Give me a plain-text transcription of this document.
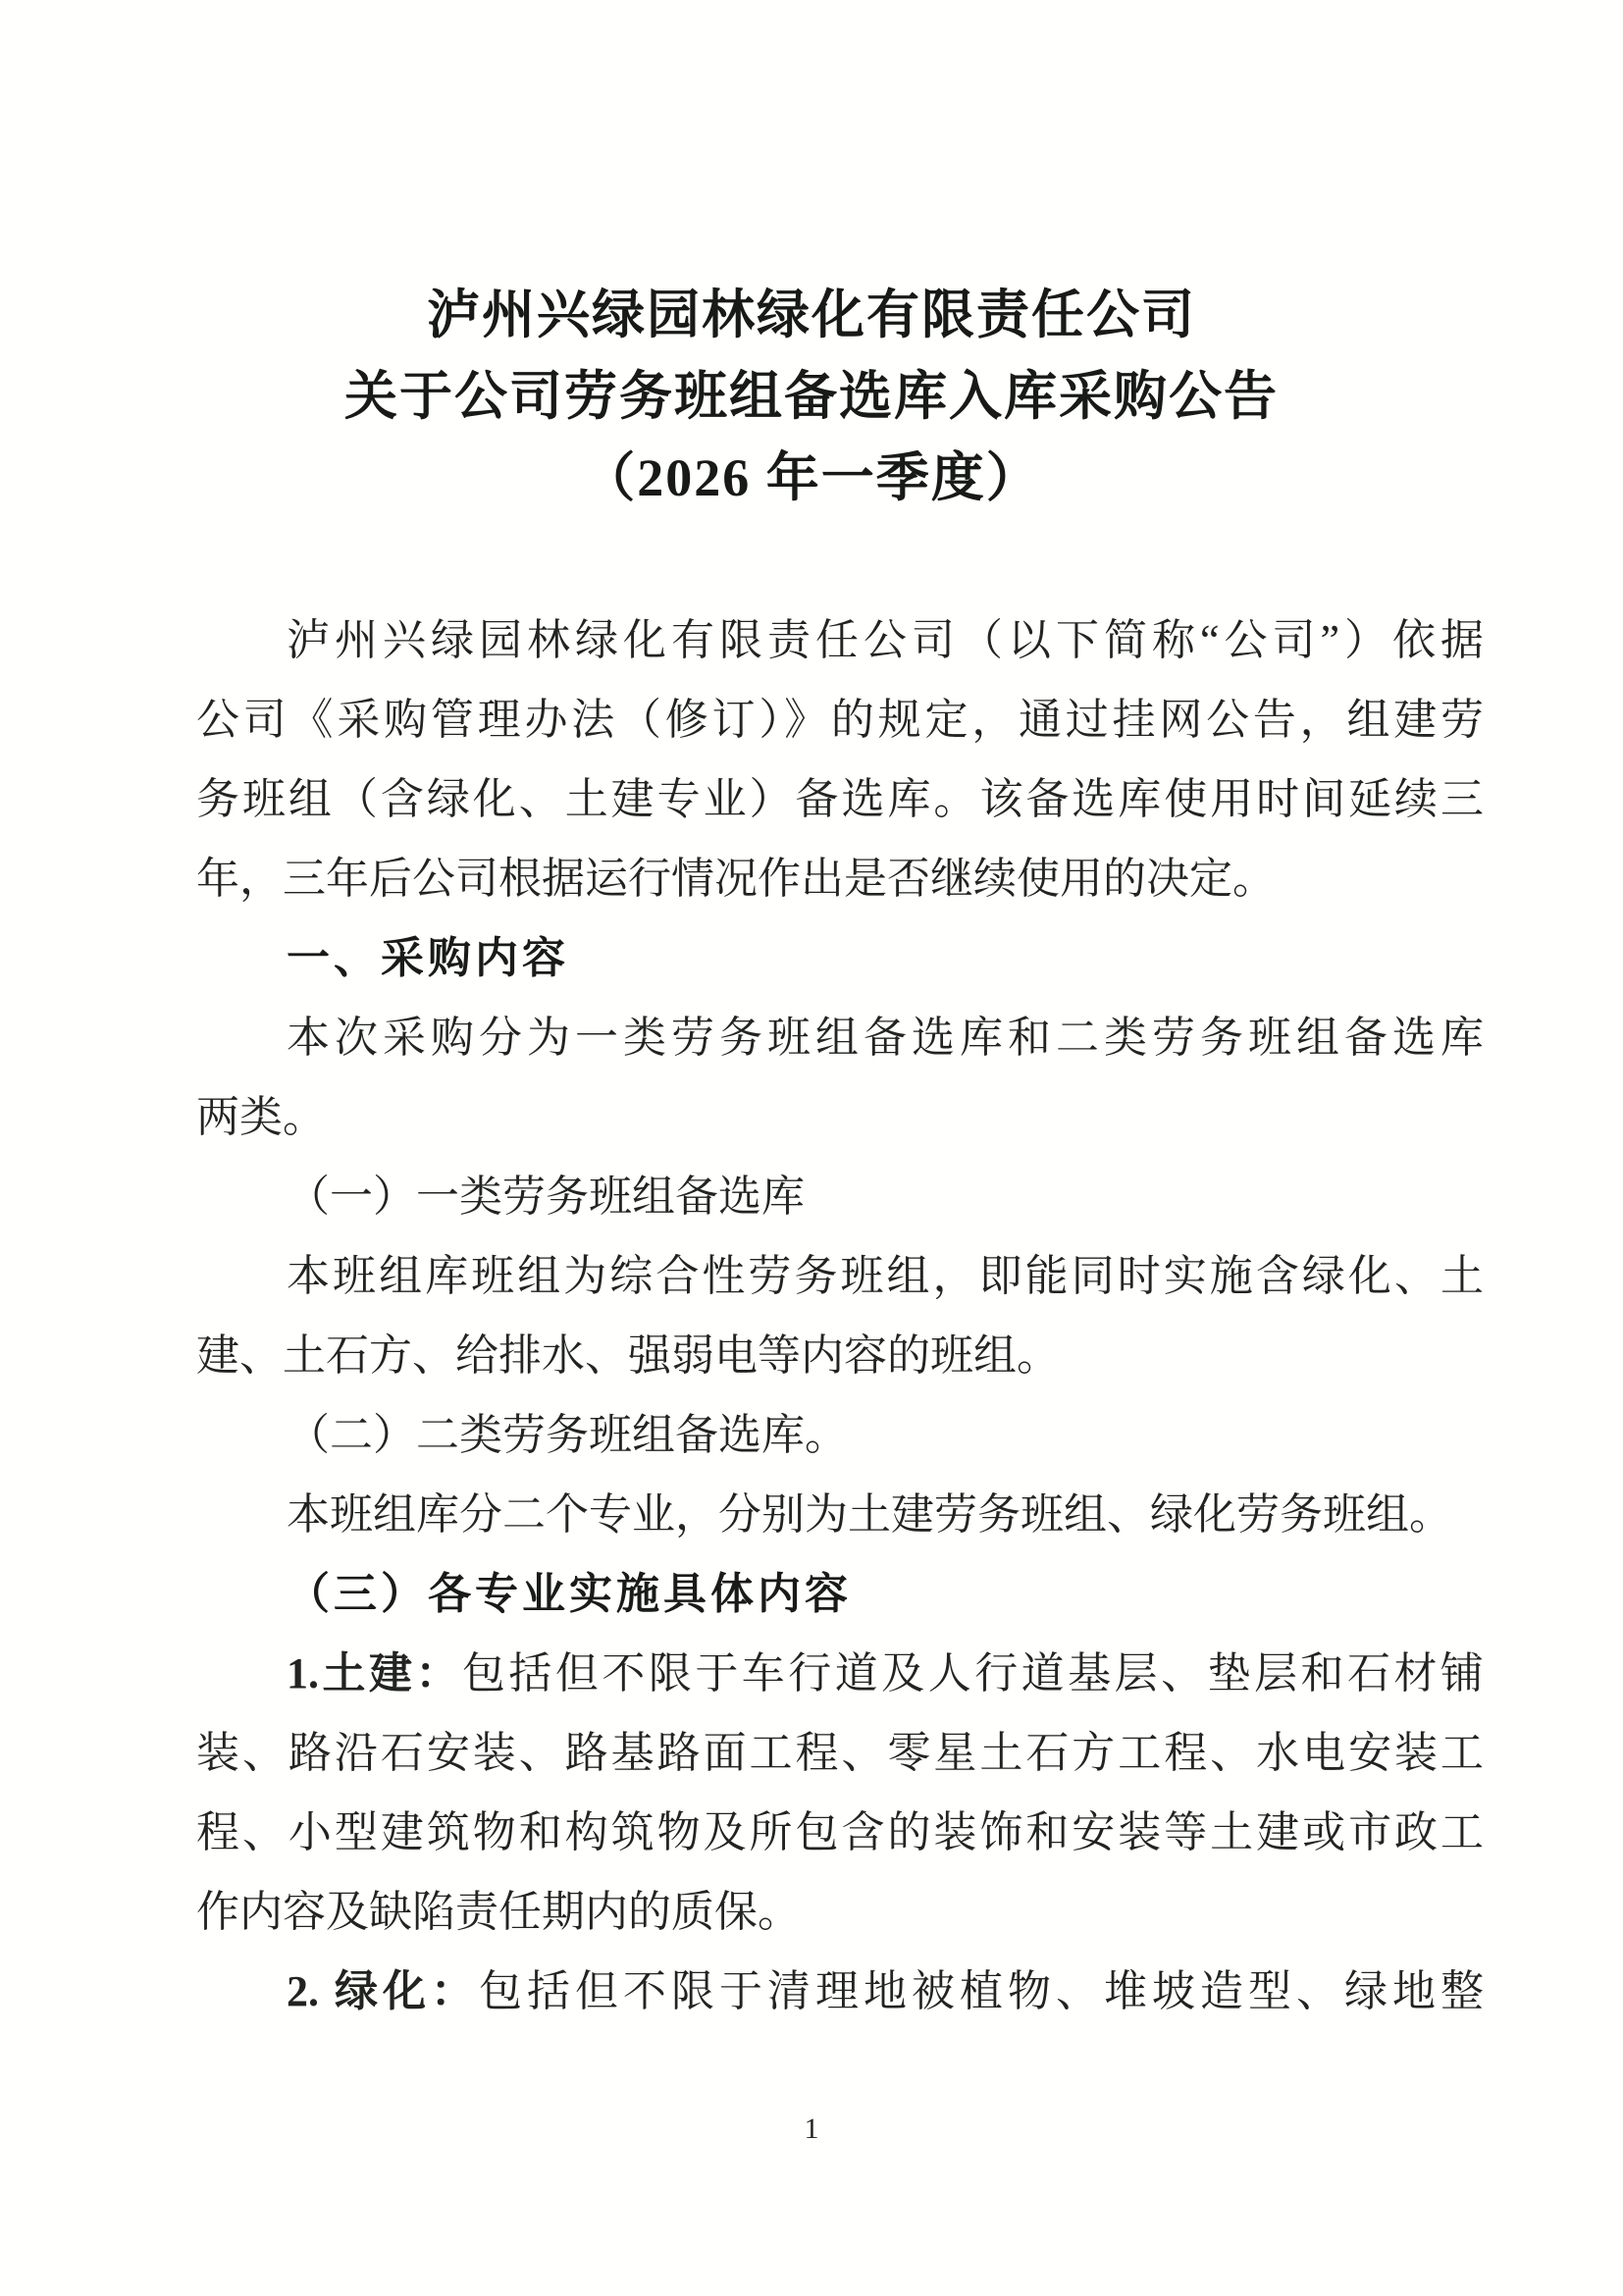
泸州兴绿园林绿化有限责任公司
关于公司劳务班组备选库入库采购公告
（2026 年一季度）
泸州兴绿园林绿化有限责任公司（以下简称“公司”）依据
公司《采购管理办法（修订）》的规定，通过挂网公告，组建劳
务班组（含绿化、土建专业）备选库。该备选库使用时间延续三
年，三年后公司根据运行情况作出是否继续使用的决定。
一、采购内容
本次采购分为一类劳务班组备选库和二类劳务班组备选库
两类。
（一）一类劳务班组备选库
本班组库班组为综合性劳务班组，即能同时实施含绿化、土
建、土石方、给排水、强弱电等内容的班组。
（二）二类劳务班组备选库。
本班组库分二个专业，分别为土建劳务班组、绿化劳务班组。
（三）各专业实施具体内容
1.土建：包括但不限于车行道及人行道基层、垫层和石材铺
装、路沿石安装、路基路面工程、零星土石方工程、水电安装工
程、小型建筑物和构筑物及所包含的装饰和安装等土建或市政工
作内容及缺陷责任期内的质保。
2. 绿化：包括但不限于清理地被植物、堆坡造型、绿地整
1
